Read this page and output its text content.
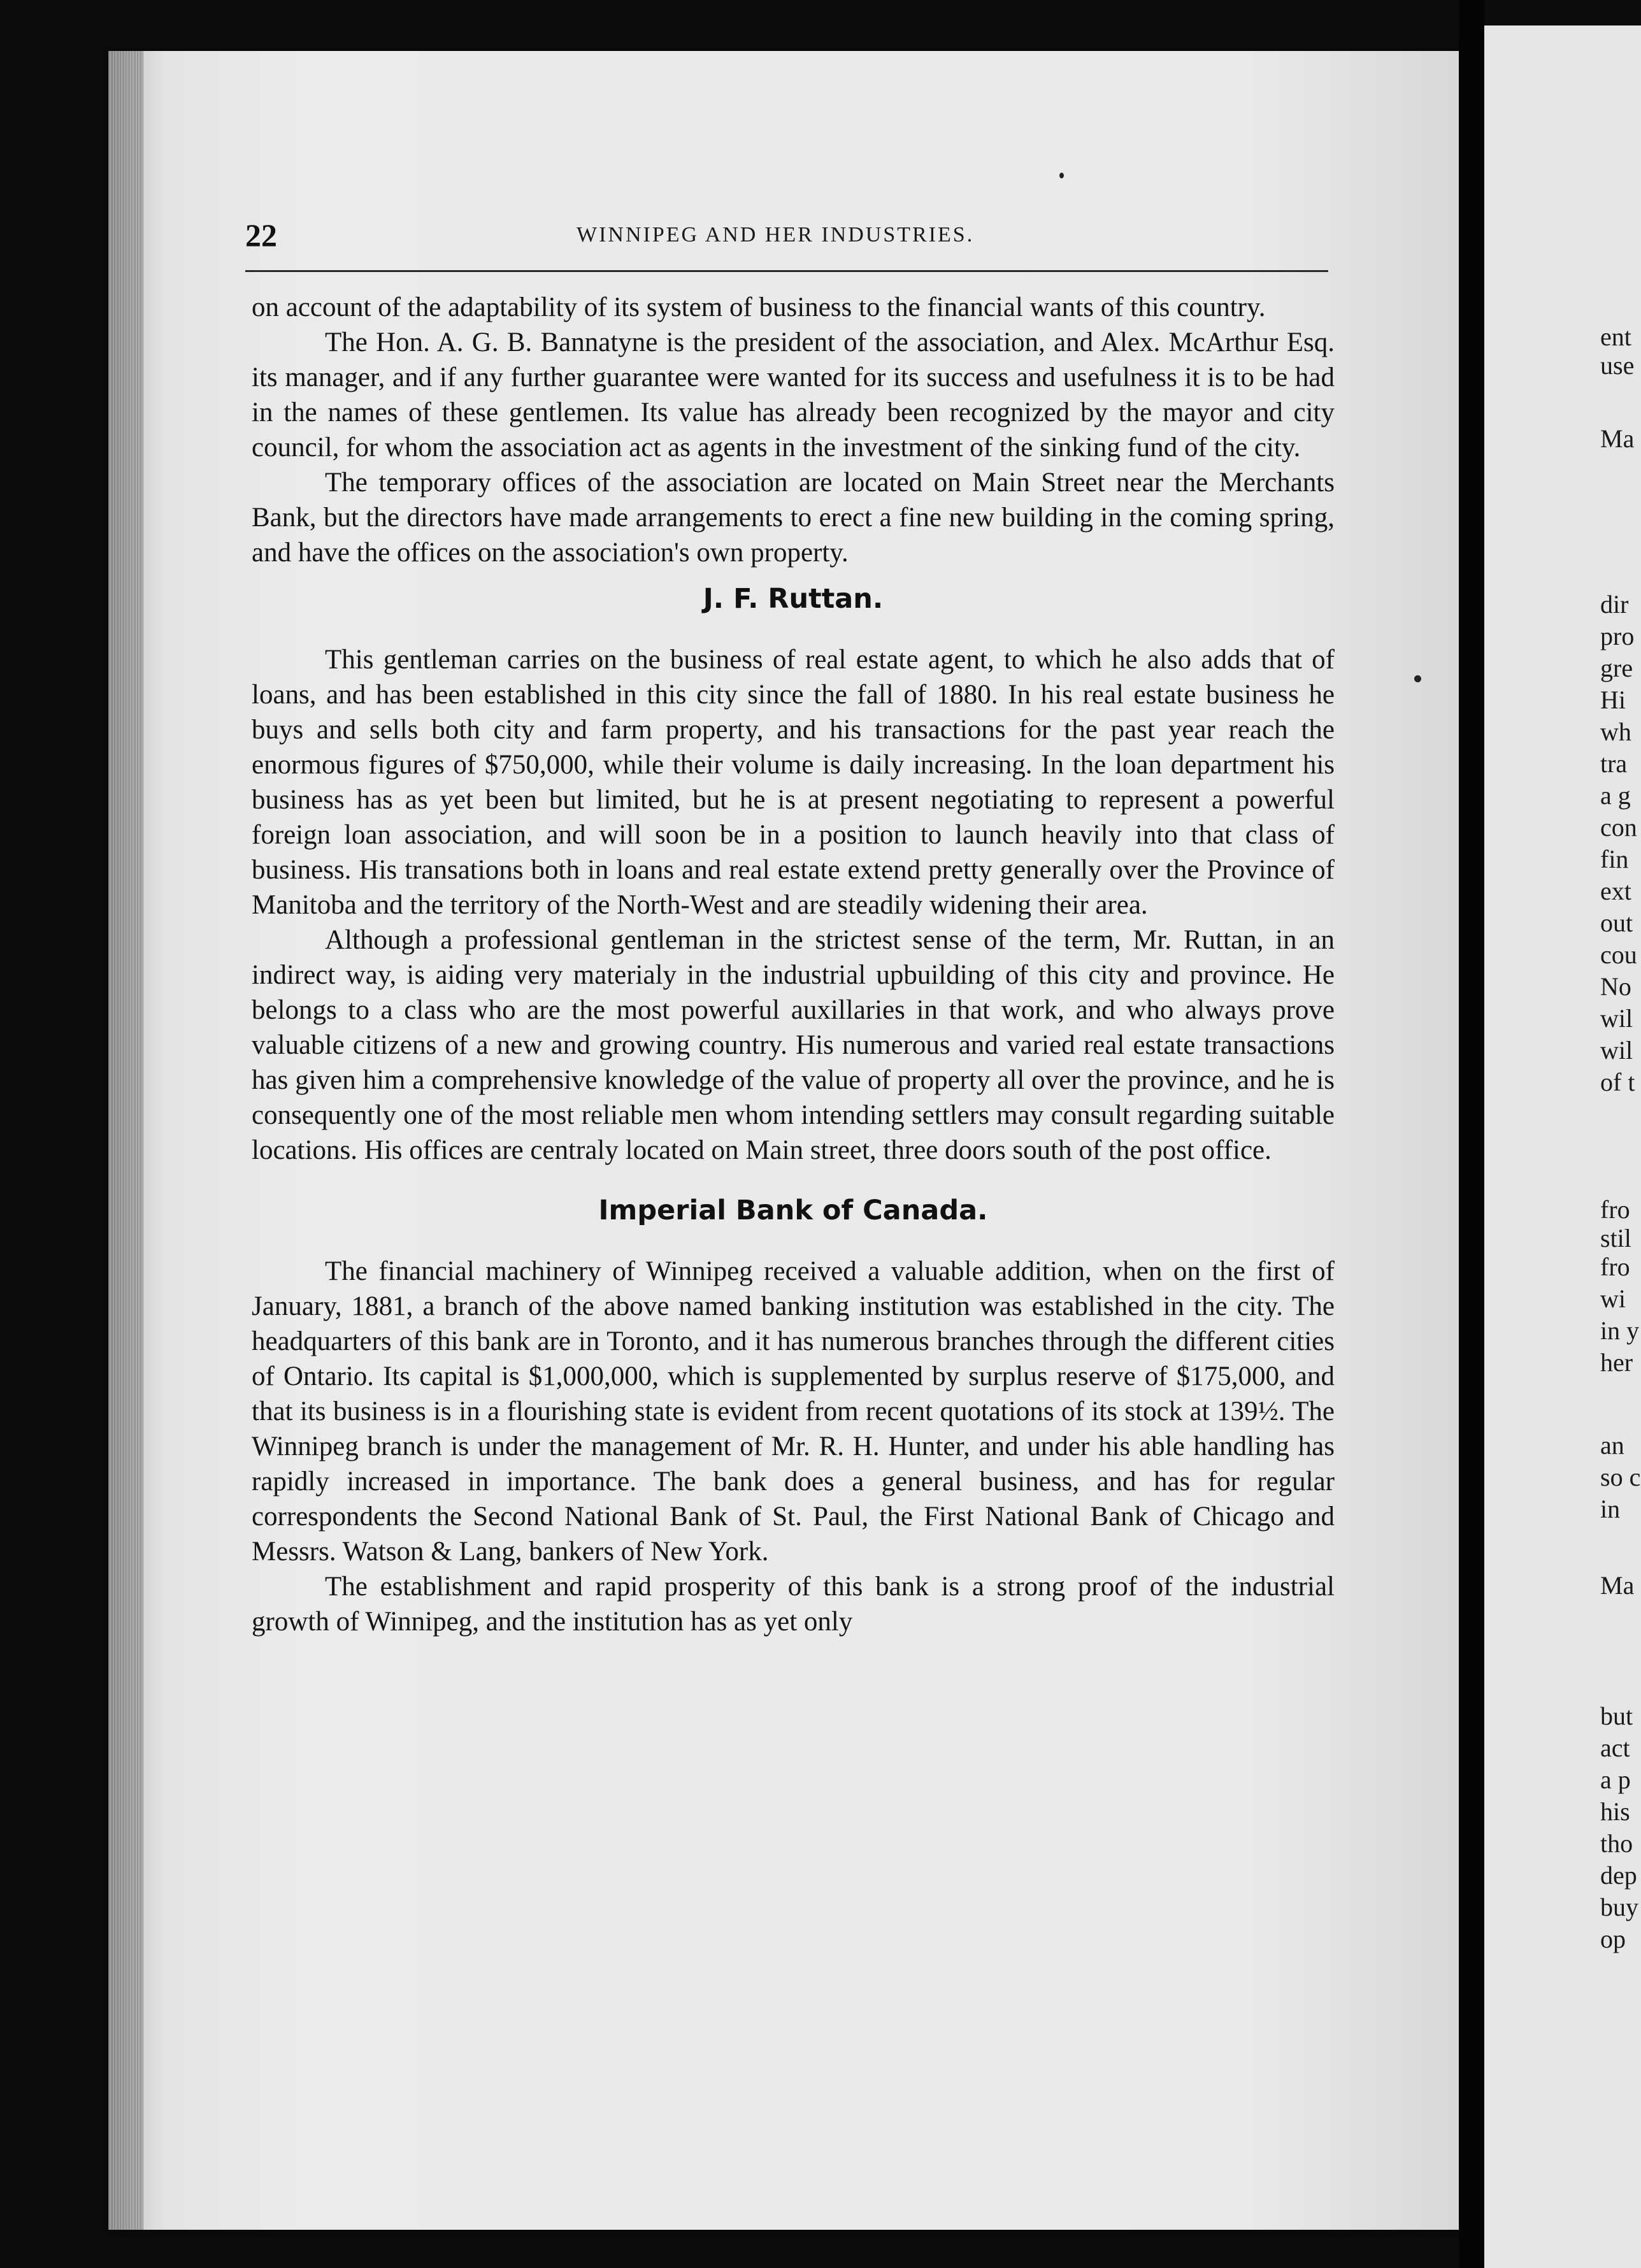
22	WINNIPEG AND HER INDUSTRIES.

on account of the adaptability of its system of business to the financial wants of this country.

The Hon. A. G. B. Bannatyne is the president of the association, and Alex. McArthur Esq. its manager, and if any further guarantee were wanted for its success and usefulness it is to be had in the names of these gentlemen. Its value has already been recognized by the mayor and city council, for whom the association act as agents in the investment of the sinking fund of the city.

The temporary offices of the association are located on Main Street near the Merchants Bank, but the directors have made arrangements to erect a fine new building in the coming spring, and have the offices on the association's own property.

J. F. Ruttan.

This gentleman carries on the business of real estate agent, to which he also adds that of loans, and has been established in this city since the fall of 1880. In his real estate business he buys and sells both city and farm property, and his transactions for the past year reach the enormous figures of $750,000, while their volume is daily increasing. In the loan department his business has as yet been but limited, but he is at present negotiating to represent a powerful foreign loan association, and will soon be in a position to launch heavily into that class of business. His transations both in loans and real estate extend pretty generally over the Province of Manitoba and the territory of the North-West and are steadily widening their area.

Although a professional gentleman in the strictest sense of the term, Mr. Ruttan, in an indirect way, is aiding very materialy in the industrial upbuilding of this city and province. He belongs to a class who are the most powerful auxillaries in that work, and who always prove valuable citizens of a new and growing country. His numerous and varied real estate transactions has given him a comprehensive knowledge of the value of property all over the province, and he is consequently one of the most reliable men whom intending settlers may consult regarding suitable locations. His offices are centraly located on Main street, three doors south of the post office.

Imperial Bank of Canada.

The financial machinery of Winnipeg received a valuable addition, when on the first of January, 1881, a branch of the above named banking institution was established in the city. The headquarters of this bank are in Toronto, and it has numerous branches through the different cities of Ontario. Its capital is $1,000,000, which is supplemented by surplus reserve of $175,000, and that its business is in a flourishing state is evident from recent quotations of its stock at 139½. The Winnipeg branch is under the management of Mr. R. H. Hunter, and under his able handling has rapidly increased in importance. The bank does a general business, and has for regular correspondents the Second National Bank of St. Paul, the First National Bank of Chicago and Messrs. Watson & Lang, bankers of New York.

The establishment and rapid prosperity of this bank is a strong proof of the industrial growth of Winnipeg, and the institution has as yet only

ent
use
Ma
dir
pro
gre
Hi
wh
tra
a g
con
fin
ext
out
cou
No
wil
wil
of t
fro
stil
fro
wi
in y
her
an
so c
in
Ma
but
act
a p
his
tho
dep
buy
op
